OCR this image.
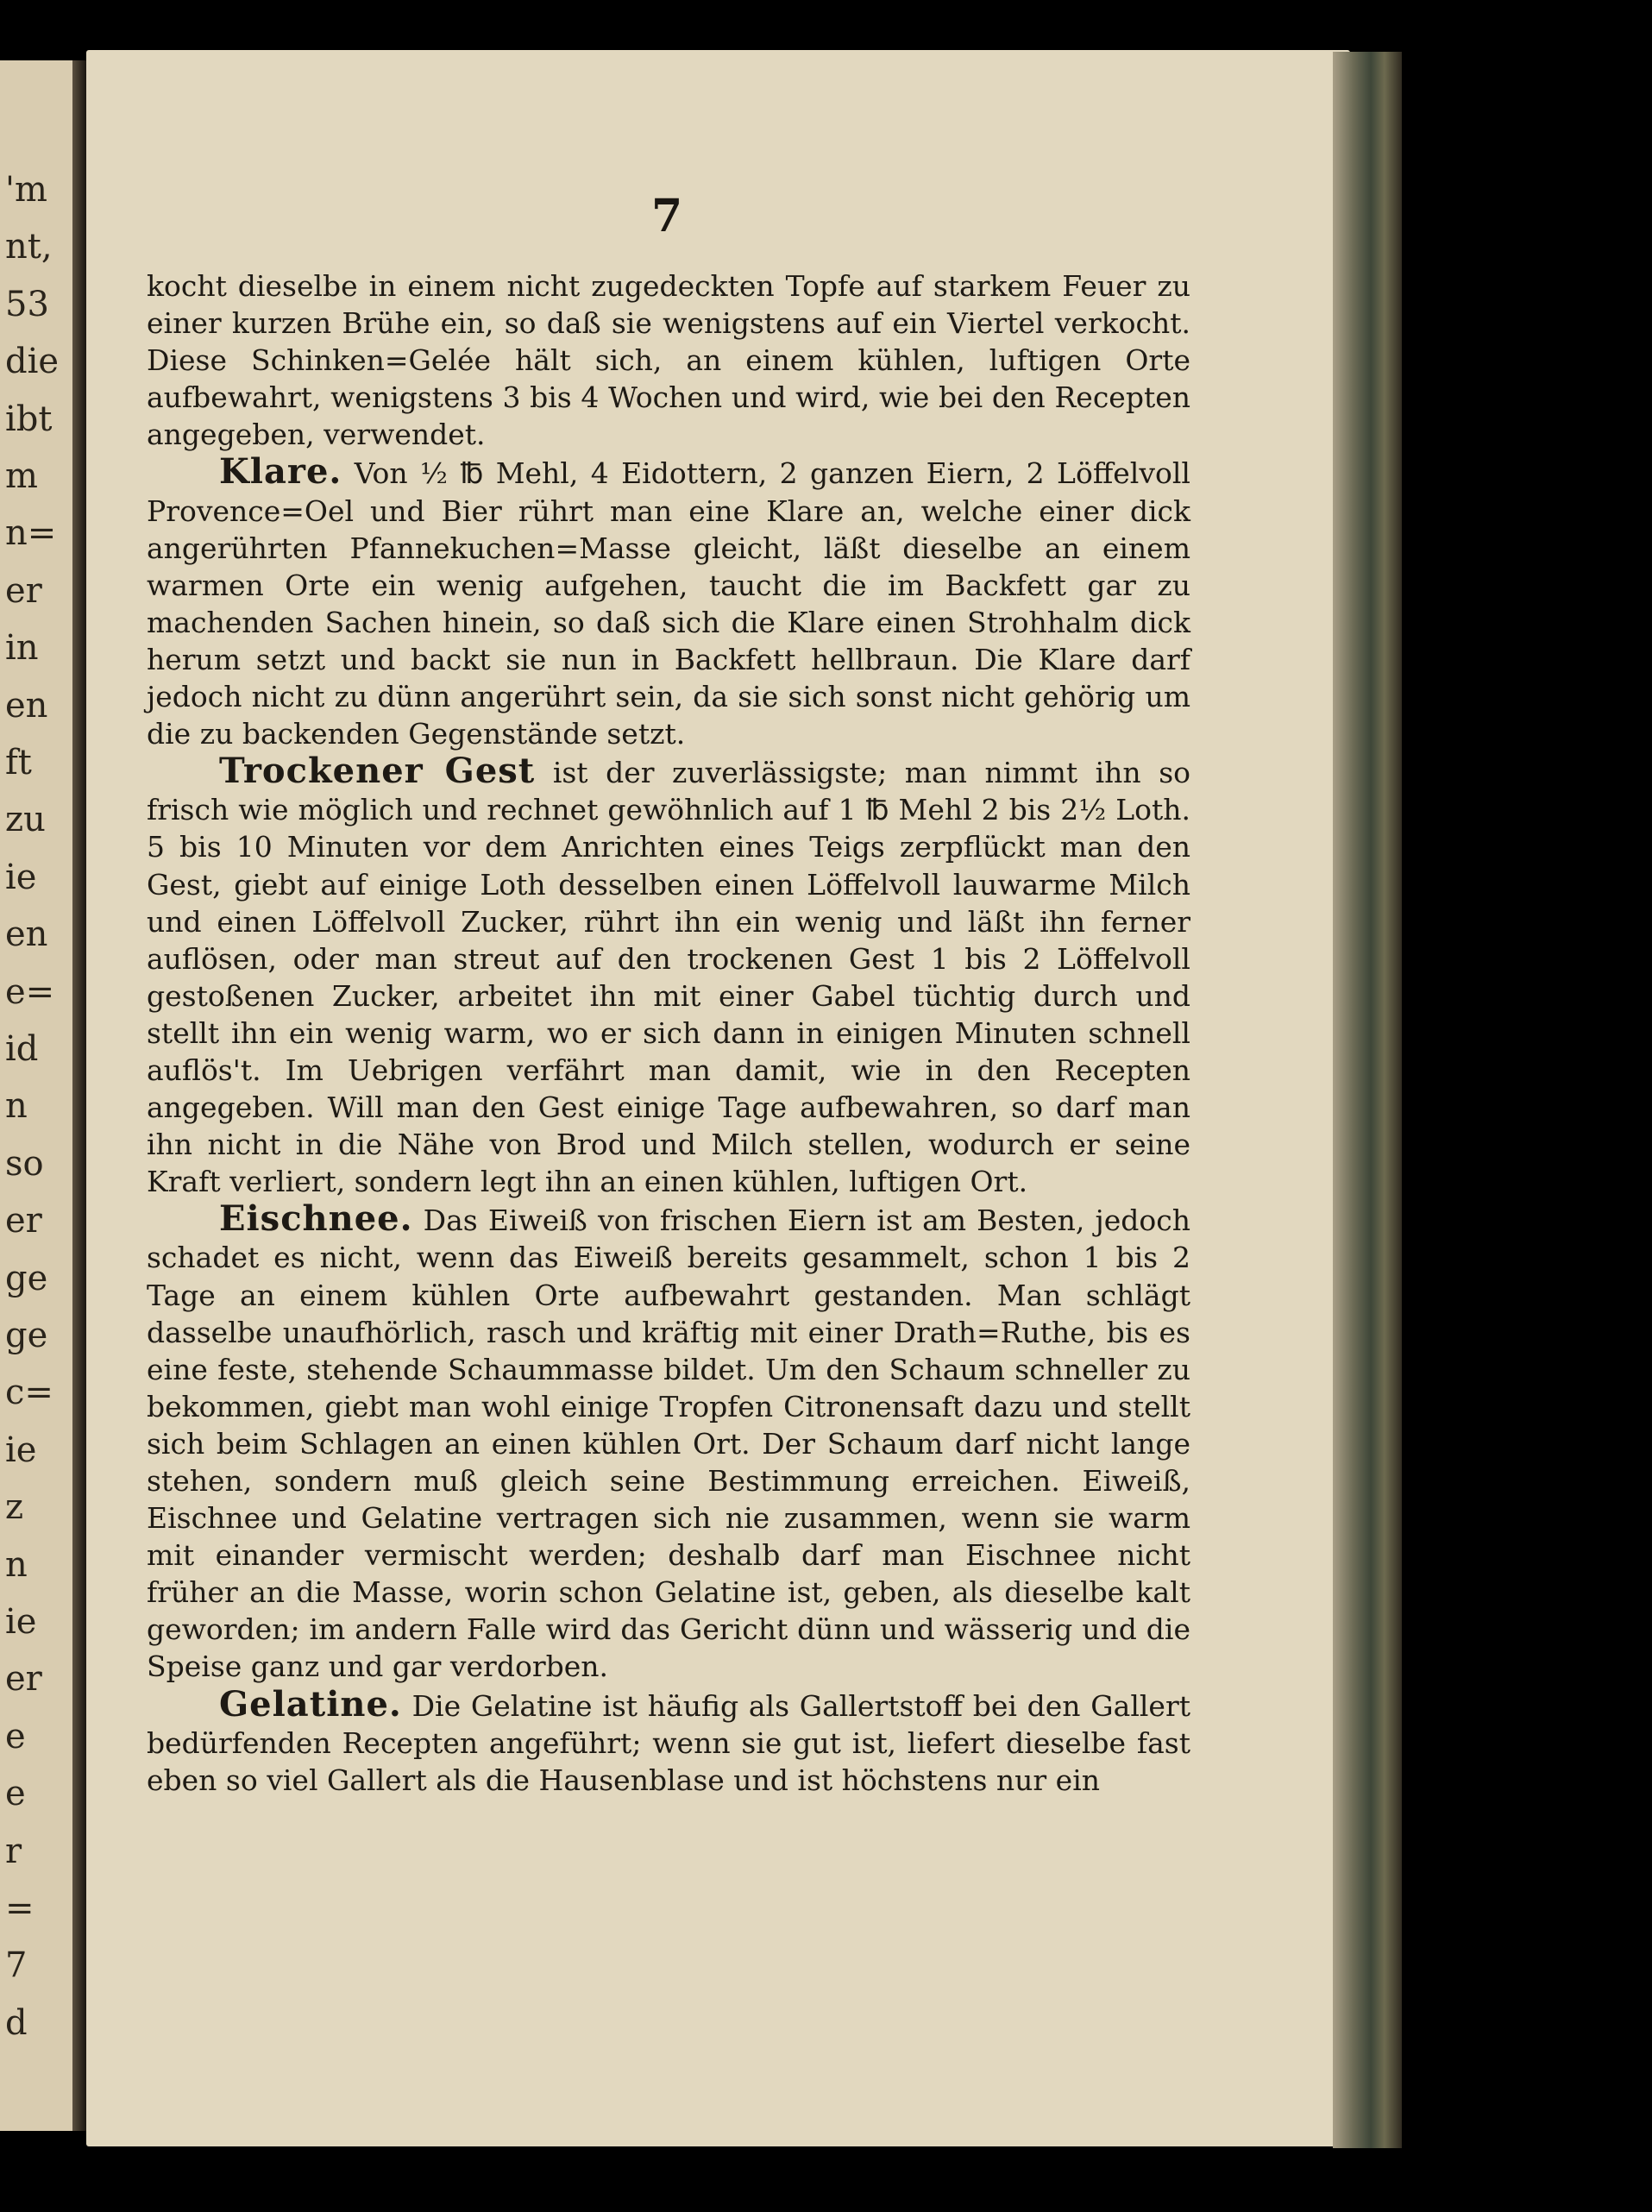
'm
nt,
53
die
ibt
m
n=
er
in
en
ft
zu
ie
en
e=
id
n
so
er
ge
ge
c=
ie
z
n
ie
er
e
e
r
=
7
d
7

kocht dieselbe in einem nicht zugedeckten Topfe auf starkem Feuer zu einer kurzen Brühe ein, so daß sie wenigstens auf ein Viertel verkocht. Diese Schinken=Gelée hält sich, an einem kühlen, luftigen Orte aufbewahrt, wenigstens 3 bis 4 Wochen und wird, wie bei den Recepten angegeben, verwendet.

Klare. Von ½ ℔ Mehl, 4 Eidottern, 2 ganzen Eiern, 2 Löffelvoll Provence=Oel und Bier rührt man eine Klare an, welche einer dick angerührten Pfannekuchen=Masse gleicht, läßt dieselbe an einem warmen Orte ein wenig aufgehen, taucht die im Backfett gar zu machenden Sachen hinein, so daß sich die Klare einen Strohhalm dick herum setzt und backt sie nun in Backfett hellbraun. Die Klare darf jedoch nicht zu dünn angerührt sein, da sie sich sonst nicht gehörig um die zu backenden Gegenstände setzt.

Trockener Gest ist der zuverlässigste; man nimmt ihn so frisch wie möglich und rechnet gewöhnlich auf 1 ℔ Mehl 2 bis 2½ Loth. 5 bis 10 Minuten vor dem Anrichten eines Teigs zerpflückt man den Gest, giebt auf einige Loth desselben einen Löffelvoll lauwarme Milch und einen Löffelvoll Zucker, rührt ihn ein wenig und läßt ihn ferner auflösen, oder man streut auf den trockenen Gest 1 bis 2 Löffelvoll gestoßenen Zucker, arbeitet ihn mit einer Gabel tüchtig durch und stellt ihn ein wenig warm, wo er sich dann in einigen Minuten schnell auflös't. Im Uebrigen verfährt man damit, wie in den Recepten angegeben. Will man den Gest einige Tage aufbewahren, so darf man ihn nicht in die Nähe von Brod und Milch stellen, wodurch er seine Kraft verliert, sondern legt ihn an einen kühlen, luftigen Ort.

Eischnee. Das Eiweiß von frischen Eiern ist am Besten, jedoch schadet es nicht, wenn das Eiweiß bereits gesammelt, schon 1 bis 2 Tage an einem kühlen Orte aufbewahrt gestanden. Man schlägt dasselbe unaufhörlich, rasch und kräftig mit einer Drath=Ruthe, bis es eine feste, stehende Schaummasse bildet. Um den Schaum schneller zu bekommen, giebt man wohl einige Tropfen Citronensaft dazu und stellt sich beim Schlagen an einen kühlen Ort. Der Schaum darf nicht lange stehen, sondern muß gleich seine Bestimmung erreichen. Eiweiß, Eischnee und Gelatine vertragen sich nie zusammen, wenn sie warm mit einander vermischt werden; deshalb darf man Eischnee nicht früher an die Masse, worin schon Gelatine ist, geben, als dieselbe kalt geworden; im andern Falle wird das Gericht dünn und wässerig und die Speise ganz und gar verdorben.

Gelatine. Die Gelatine ist häufig als Gallertstoff bei den Gallert bedürfenden Recepten angeführt; wenn sie gut ist, liefert dieselbe fast eben so viel Gallert als die Hausenblase und ist höchstens nur ein
